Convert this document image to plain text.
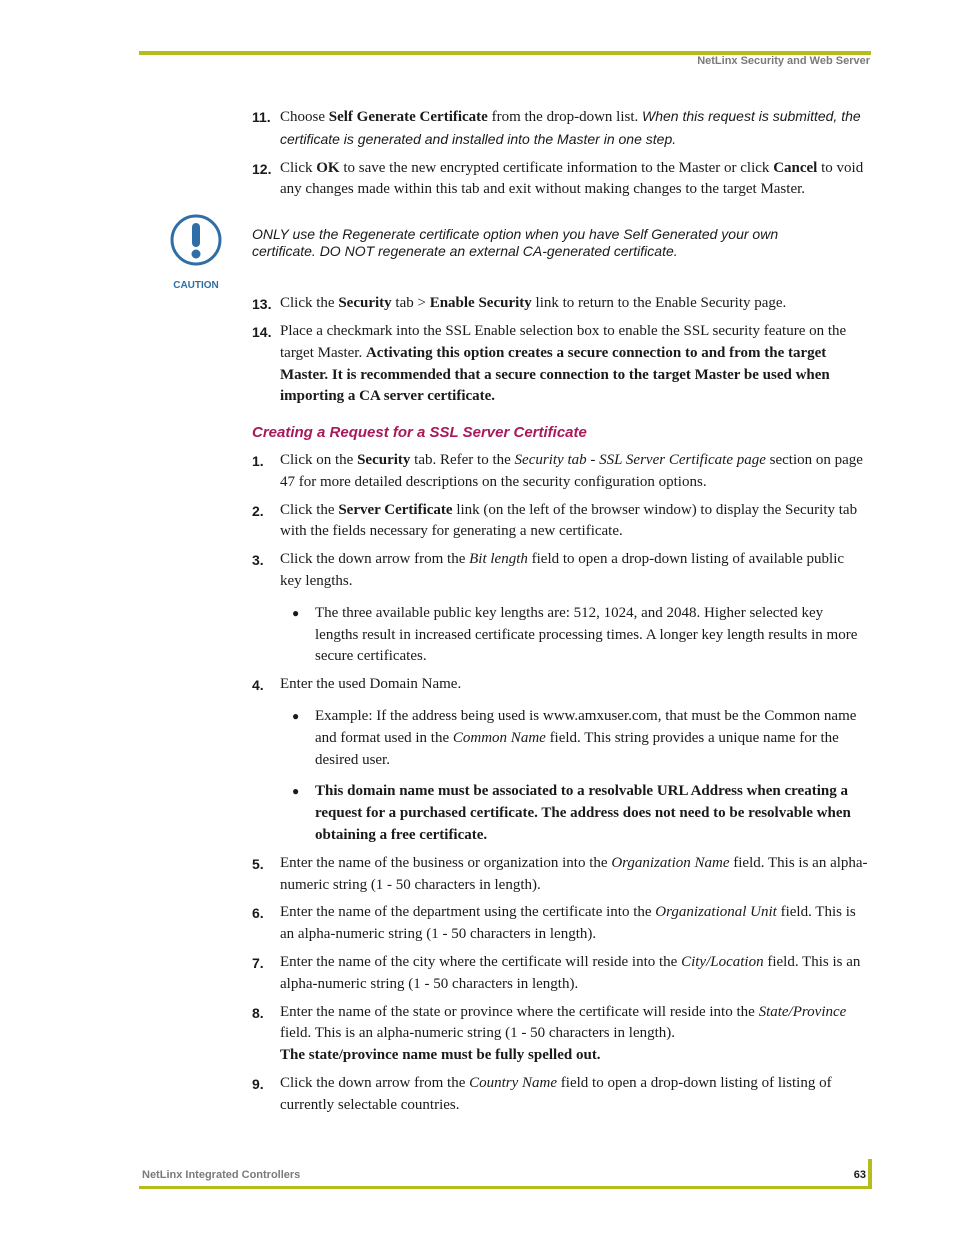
NetLinx Security and Web Server
11. Choose Self Generate Certificate from the drop-down list. When this request is submitted, the certificate is generated and installed into the Master in one step.
12. Click OK to save the new encrypted certificate information to the Master or click Cancel to void any changes made within this tab and exit without making changes to the target Master.
CAUTION
ONLY use the Regenerate certificate option when you have Self Generated your own
certificate. DO NOT regenerate an external CA-generated certificate.
13. Click the Security tab > Enable Security link to return to the Enable Security page.
14. Place a checkmark into the SSL Enable selection box to enable the SSL security feature on the target Master. Activating this option creates a secure connection to and from the target Master. It is recommended that a secure connection to the target Master be used when importing a CA server certificate.
Creating a Request for a SSL Server Certificate
1. Click on the Security tab. Refer to the Security tab - SSL Server Certificate page section on page 47 for more detailed descriptions on the security configuration options.
2. Click the Server Certificate link (on the left of the browser window) to display the Security tab with the fields necessary for generating a new certificate.
3. Click the down arrow from the Bit length field to open a drop-down listing of available public key lengths.
● The three available public key lengths are: 512, 1024, and 2048. Higher selected key lengths result in increased certificate processing times. A longer key length results in more secure certificates.
4. Enter the used Domain Name.
● Example: If the address being used is www.amxuser.com, that must be the Common name and format used in the Common Name field. This string provides a unique name for the desired user.
● This domain name must be associated to a resolvable URL Address when creating a request for a purchased certificate. The address does not need to be resolvable when obtaining a free certificate.
5. Enter the name of the business or organization into the Organization Name field. This is an alpha-numeric string (1 - 50 characters in length).
6. Enter the name of the department using the certificate into the Organizational Unit field. This is an alpha-numeric string (1 - 50 characters in length).
7. Enter the name of the city where the certificate will reside into the City/Location field. This is an alpha-numeric string (1 - 50 characters in length).
8. Enter the name of the state or province where the certificate will reside into the State/Province field. This is an alpha-numeric string (1 - 50 characters in length).
The state/province name must be fully spelled out.
9. Click the down arrow from the Country Name field to open a drop-down listing of listing of currently selectable countries.
NetLinx Integrated Controllers	63
